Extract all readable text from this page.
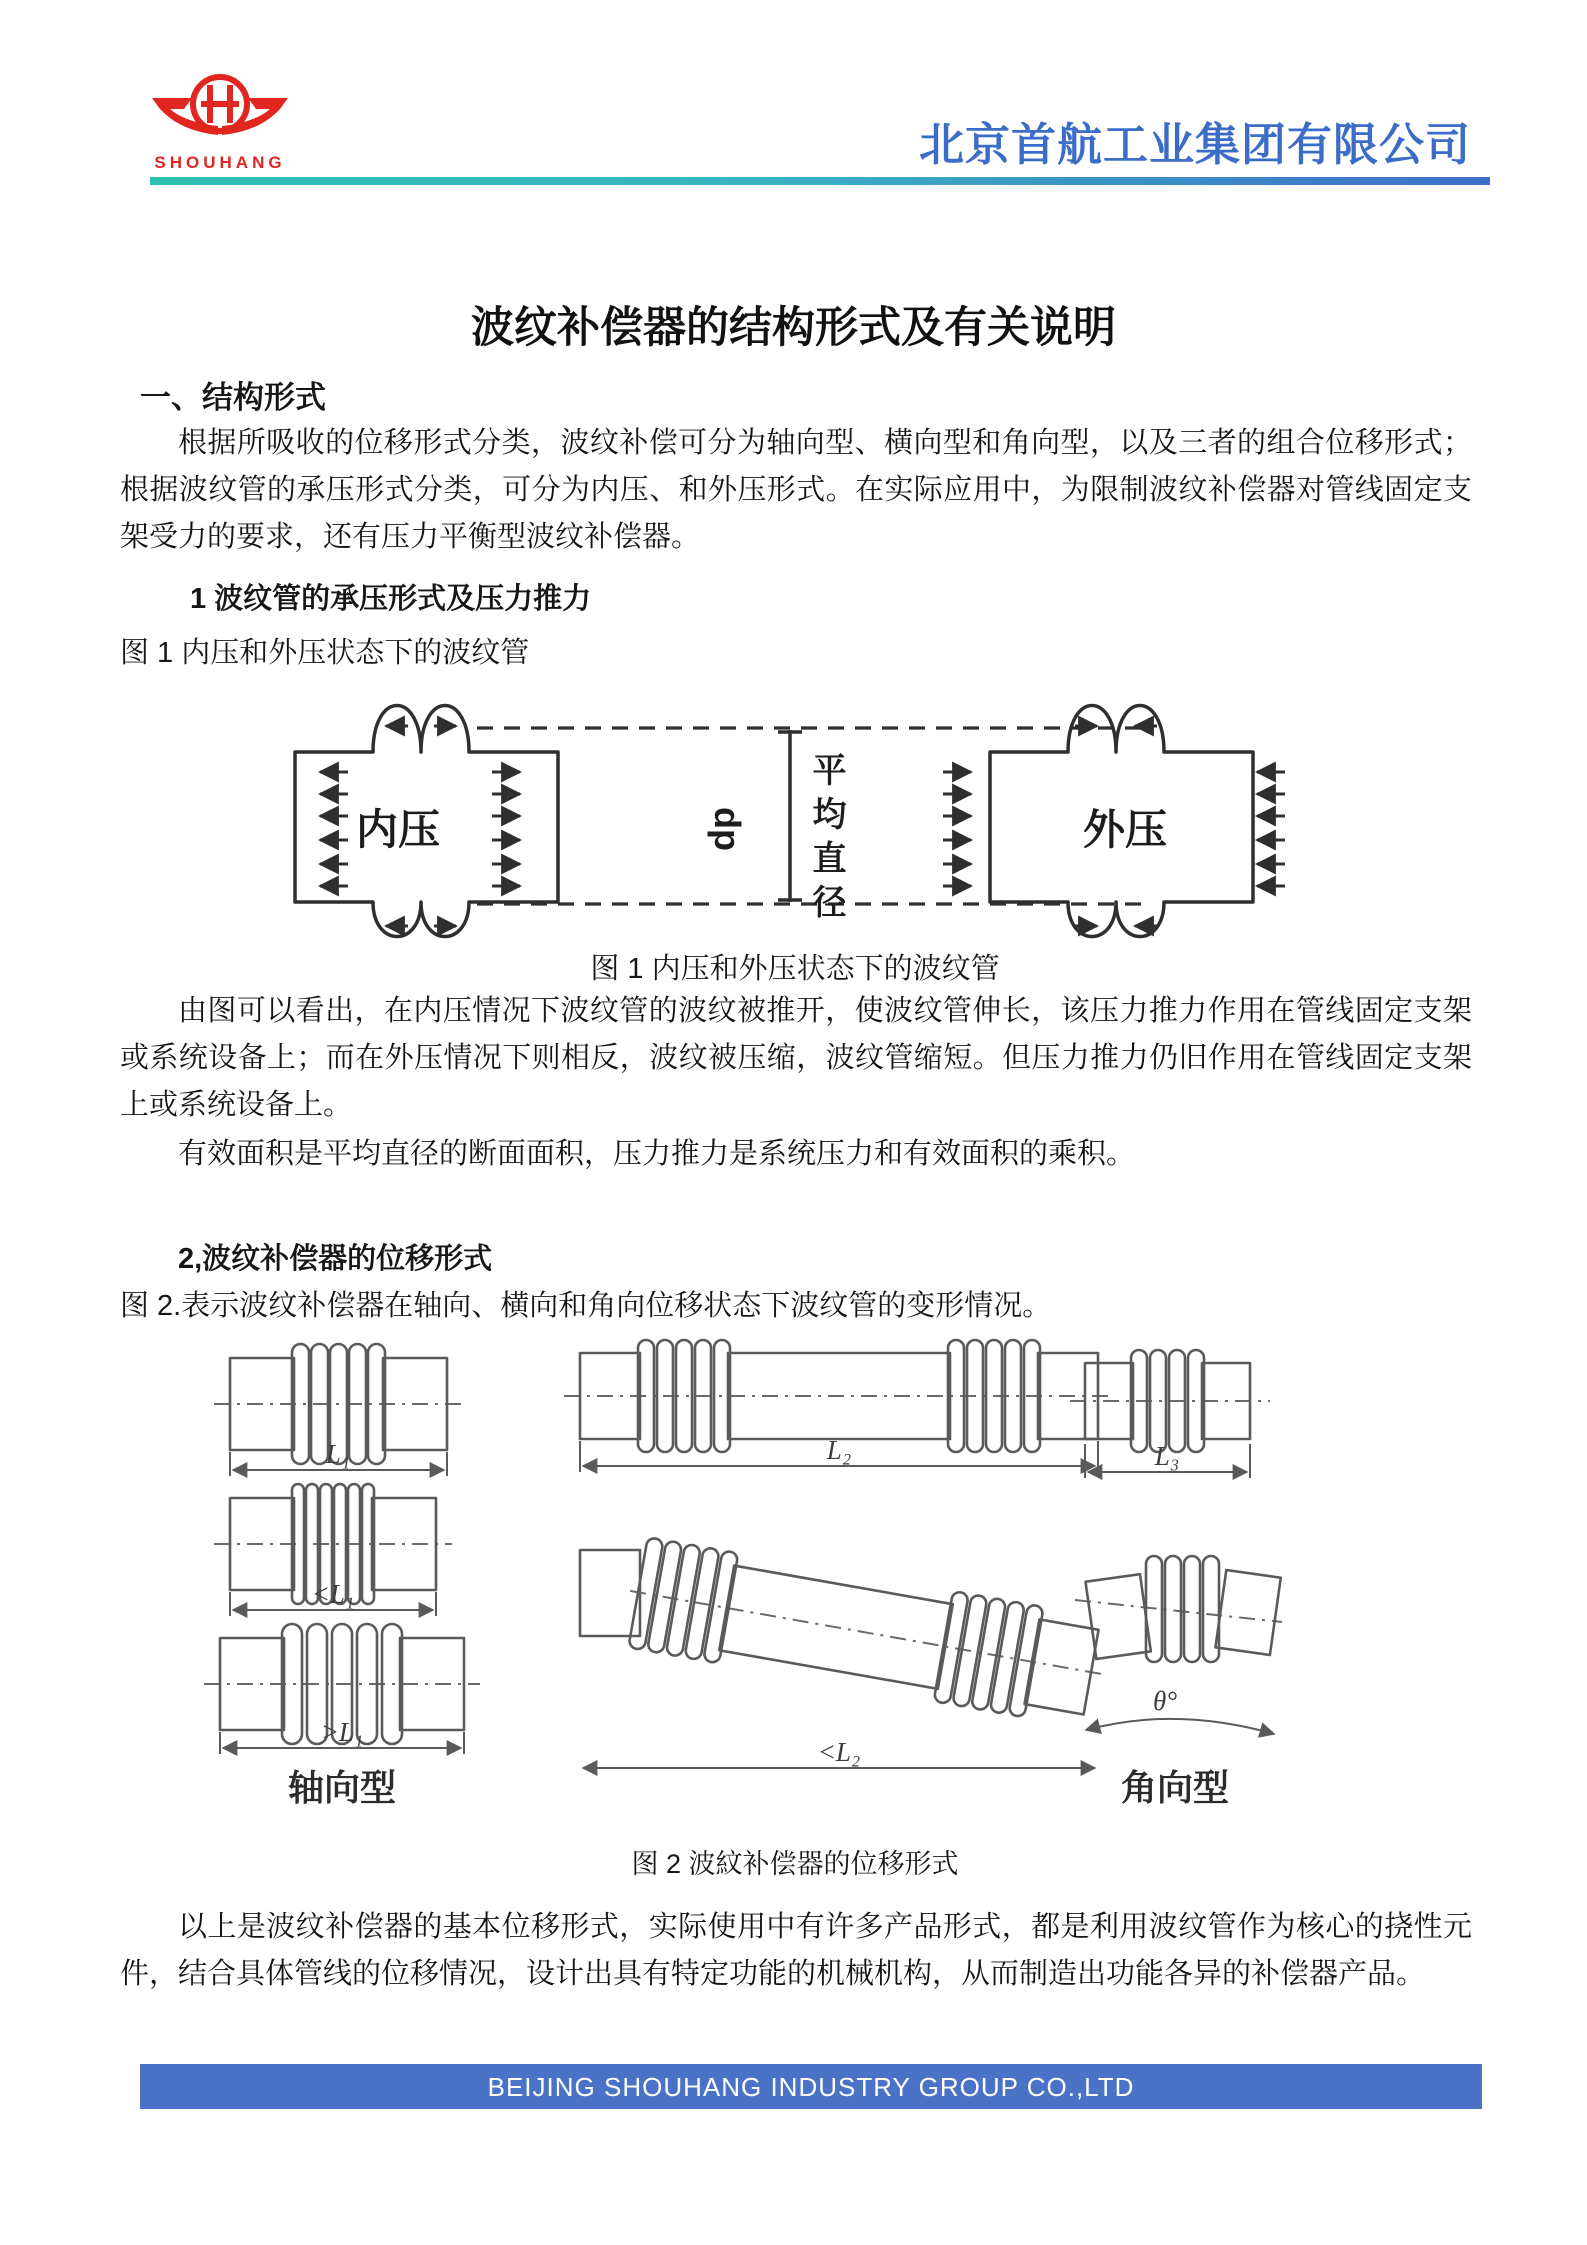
SHOUHANG	北京首航工业集团有限公司
波纹补偿器的结构形式及有关说明
一、结构形式
根据所吸收的位移形式分类，波纹补偿可分为轴向型、横向型和角向型，以及三者的组合位移形式；根据波纹管的承压形式分类，可分为内压、和外压形式。在实际应用中，为限制波纹补偿器对管线固定支架受力的要求，还有压力平衡型波纹补偿器。
1 波纹管的承压形式及压力推力
图 1 内压和外压状态下的波纹管
内压	外压
dp 平均直径
图 1 内压和外压状态下的波纹管
由图可以看出，在内压情况下波纹管的波纹被推开，使波纹管伸长，该压力推力作用在管线固定支架或系统设备上；而在外压情况下则相反，波纹被压缩，波纹管缩短。但压力推力仍旧作用在管线固定支架上或系统设备上。
有效面积是平均直径的断面面积，压力推力是系统压力和有效面积的乘积。
2,波纹补偿器的位移形式
图 2.表示波纹补偿器在轴向、横向和角向位移状态下波纹管的变形情况。
L₁
<L₁
>L₁
轴向型
L₂
<L₂
L₃
θ°
角向型
图 2 波紋补偿器的位移形式
以上是波纹补偿器的基本位移形式，实际使用中有许多产品形式，都是利用波纹管作为核心的挠性元件，结合具体管线的位移情况，设计出具有特定功能的机械机构，从而制造出功能各异的补偿器产品。
BEIJING SHOUHANG INDUSTRY GROUP CO.,LTD
